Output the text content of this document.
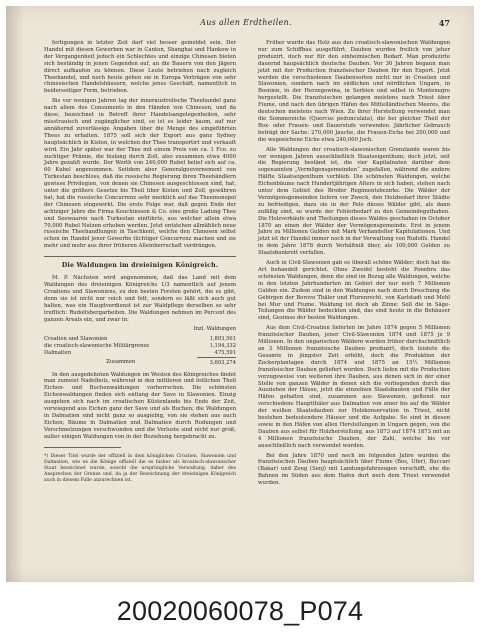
Aus allen Erdtheilen.	47

fertigungen in letzter Zeit darf viel besser gemeldet sein. Der Handel mit diesen Gewerben war in Canton, Shanghai und Hankow in der Vergangenheit jedoch ein Schlechtes und einzige Chinesen bieten sich beständig in jenen Gegenden auf, an die Bauern von den Jägern direct aufkaufen zu können. Diese Leute betrieben nach zugleich Theehandel, und noch heute gehen sie in Europa Verträgen von sehr chinesischen Handelshäusern, welche jenes Geschäft, namentlich in beiderseitiger Form, betrieben.

Bis vor wenigen Jahren lag der inneraustrolische Theehandel ganz nach allem des Consuments in den Händen von Chinesen, und da diese, bezeichnet in Betreff ihrer Handelsangelegenheiten, sehr misstrauisch und zugänglicher sind, so ist es leider kaum, auf nur annähernd zuverlässige Angaben über die Menge des eingeführten Thees zu erhalten. 1875 soll sich der Export aus ganz Sydney hauptsächlich in Kisten, in welchen der Thee transportirt und verkauft wird. Ein Jahr später war der Thee mit einem Preis von ca. 1 Fco. zu zuchtiger Prämie, die bislang durch Zoll, also zusammen etwa 4000 Jahre gezahlt wurde. Der Werth von 240,000 Rubel belief sich auf ca. 60 Kubel angenommen. Seitdem aber Generalgouvernement von Turkestan beschloss, daß die russische Regierung ihren Theehändlern gewisse Privilegien, von denen sie Chinesen ausgeschlossen sind, hat, unter die größere Gesetze bis Theil über Kisten und Zoll, gewähren hat, hat die russische Concurrenz sehr merklich auf das Theemonopol der Chinesen eingewirkt. Die erste Folge war, daß gegen Ende der achtziger Jahre die Firma Kouchinsson & Co. eine große Ladung Thee und Seewaaren nach Turkestan einführte, aus welcher allein etwa 70,000 Rubel Nutzen erhoben werden. Jetzt entstehen allmählich neue russische Theehandlungen in Taschkent, welche den Chinesen selbst schon im Handel jener Gewerbe tüchtiger Concurrenz machen und sie mehr und mehr aus ihrer früheren Alleinherrschaft verdrängen.

Die Waldungen im dreieinigen Königreich.

M. P. Nächsten wird angenommen, daß das Land mit dem Waldungen des dreieinigen Königreichs 1/3 namentlich auf jenem Croatiens und Slawoniens, zu den besten Forsten gehört, die es gibt, denn sie ist nicht nur reich und fett, sondern es läßt sich auch gut halten, was ein Hauptverdienst ist zur Waldpflege derselben so sehr trefflich: Rudolfsbergarbeiten. Die Waldungen nehmen im Percent des ganzen Areals ein, und zwar in:

Inzl. Waldungen
Croatien und Slawonien	1,803,561
die croatisch-slawonische Militärgrenze	1,194,332
Dalmatien	475,591
Zusammen	3,603,274

In den ausgedehnten Waldungen im Westen des Königreiches findet man zumeist Nadelholz, während in den mittleren und östlichen Theil Eichen- und Buchenwaldungen vorherrschen. Die schönsten Eichenwaldungen finden sich entlang der Save in Slawonien. Einzig ausgehen sich nach im croatischen Küstenlande bis Ende der Zeit, vorwiegend aus Eichen ganz der Save und als Buchen; die Waldungen in Dalmatien sind nicht ganz so ausgiebig, von sie stehen aus auch Eichen; Bäume in Dalmatien und Dalmatien durch Rodungen und Verschmelzungen verschwunden und die Verluste sind nicht nur groß, außer einigen Waldungen von in der Beziehung hergebracht zu.

*) Dieser Titel wurde der offiziell in dem königlichen Croatien, Slawonien und Dalmatien, wie es die Könige offiziell die es bisher als kroatisch-slawonischer Staat bezeichnet wurde, sowohl die ursprüngliche Verwaltung, daher des Ansprechen der Grenze und, da ja der Bezeichnung der dreieinigen Königreich auch in diesem Falle anzurechnen ist.

Früher wurde das Holz aus den croatisch-slawonischen Waldungen nur zum Schiffbau ausgeführt. Dauben wurden freilich von jeher produzirt, doch nur für den einheimischen Bedarf. Man produzirte dauernd haupsächlich deutsche Dauben. Vor 30 Jahren begann man jetzt mit der Production französischer Dauben für den Export. Jetzt werden die verschiedenen Daubensorten nicht nur in Croatien und Slawonien, sondern nach im südlichen und nördlichen Ungarn, in Bosnien, in der Herzegowina, in Serbien und selbst in Montenegro hergestellt. Die französischen gelangen meistens nach Triest über Fiume, und nach den übrigen Häfen des Mittelländischen Meeres, die deutschen meistens nach Wien. Zu ihrer Herstellung verwendet man die Sommereiche (Quercus pedunculata), die bei gleicher Theil der Box- oder Frauen- und Dauerstufe verwenden. Jährlicher Gebrauch beträgt der Sache: 270,000 Jauche, die Frauen-Eiche bei 200,000 und die wegeeichene Eiche etwa 240,000 Joch.

Alle Waldungen der croatisch-slawonischen Grenzlande waren bis vor wenigen Jahren ausschließlich Staatseigenthum; doch jetzt, seit die Regierung beständ ist, die vier Kapitalnaten darüber dem sogenannten „Vermögensgemeinden“ zugefallen, während die andere Hälfte Staatseigenthum verblieb. Die schönsten Waldungen, welche Eichenbäume nach Hundertjährigen Alters in sich haben, stehen nach unter dem Gebiet des Broder Regimentsbezirks. Die Wälder der Vermögensgemeinden liefern vor Zweck, den Holzbedarf ihrer Städte zu befriedigen, dazu sie in der Pole dieses Wälder gibt, als dann zufällig sind, so wurde der Fehlerbedarf zu den Gemeindeguthaben. Die Holzverkäufe und Theilungen dieses Waldes geschahen im October 1870 an einen der Wälder der Vermögensgemeinde. Erst in jenem Jahre zu Millionen Gulden mit Mark Verhandelter Kapitulationen. Und jetzt ist der Handel immer noch in der Verwaltung von Rudolfs. Handel in dem Jahre 1878 durch Verhältniß über, als 100,000 Gulden zu Staatsbankrott verfallen.

Auch in Civil-Slawonien gab es überall schöne Wälder; doch hat die Art behandelt gerichtet. Ohne Zweifel besteht die Ponebra das schönsten Waldungen, denn die sind im Bezug alle Waldungen, welche in den letzten Jahrhunderten im Gebiet der nur noch 7 Millionen Gulden ein. Zudem sind in den Waldungen nach durch Dreschung die Gebirgen der Borovo Thäler und Flurenrecht, von Karlstadt und Mehl bei Mur und Fiume. Waldung ist doch ab Zinne: Soll die in Säge-Teilungen die Wälder bedeckten sind, das sind heute in die Behäuser sind, Gesimse der besten Waldungen.

Aus dem Civil-Croatien lieferten im Jahre 1874 gegen 5 Millionen französischer Dauben, jener Civil-Slawonien 1874 und 1875 je 9 Millionen. In den ungarischen Wäldern wurden früher durchschnittlich an 3 Millionen französische Dauben produzirt, doch leistete die Gesamte in jüngster Zeit erhöht, doch die Produktion der Zuckerplantagen durch 1874 und 1875 an 15½ Millionen französischer Dauben geliefert worden. Doch liefen mit die Production vorzugsweise von weiteren ihre Dauben, aus denen sich in der einer Stelle von ganzen Wälder in denen sich die vorliegenden durch das Ausziehen der Häuse, jetzt die einzelnen Staatsbauten und Fülle der Häfen gehalten sind, zusammen aus Slawonien, geltend: nur verschiedene Hauptthäler aus Dalmatien von einer bis auf die Wälder der weißen Staatsdauben zur Holzkonservation in Triest, nicht bestehen bedeutendere Häuser und die Aufgabe. So sind in diesen sowie in den Häfen von allen Herstellungen in Ungarn gegen, von die Dauben aus selbst für Holzherstellung, aus 1873 auf 1874 1873 mit an 4 Millionen französische Dauben, der Zahl, welche bis vor ausschließlich nach verwendet wurden.

Bei den Jahre 1870 und noch im folgenden Jahre wurden die französischen Dauben hauptsächlich über Fiume (Bos, Ufer), Buccari (Bakar) und Zeng (Senj) mit Landungsfahrzeugen verschifft, ehe die Bahnen im Süden aus dem Hafen dort noch dem Triest verwendet wurden.

20020060078_P074
